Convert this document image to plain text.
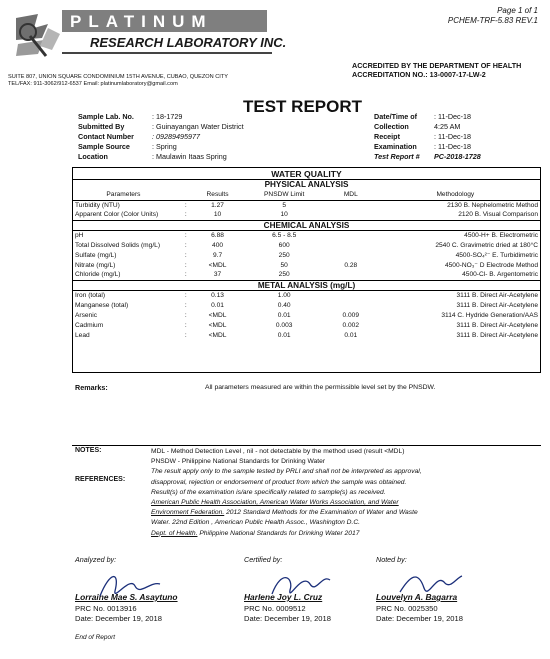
PLATINUM
RESEARCH LABORATORY INC.
SUITE 807, UNION SQUARE CONDOMINIUM 15TH AVENUE, CUBAO, QUEZON CITY
TEL/FAX: 911-3062/912-6537 Email: platinumlaboratory@gmail.com
Page 1 of 1
PCHEM-TRF-5.83 REV.1
ACCREDITED BY THE DEPARTMENT OF HEALTH
ACCREDITATION NO.: 13-0007-17-LW-2
TEST REPORT
Sample Lab. No.	: 18-1729
Submitted By	: Guinayangan Water District
Contact Number	: 09289495977
Sample Source	: Spring
Location	: Maulawin Itaas Spring
Date/Time of	: 11-Dec-18
Collection	4:25 AM
Receipt	: 11-Dec-18
Examination	: 11-Dec-18
Test Report #	PC-2018-1728
WATER QUALITY
PHYSICAL ANALYSIS
Parameters		Results	PNSDW Limit	MDL	Methodology
Turbidity (NTU)	:	1.27	5		2130 B. Nephelometric Method
Apparent Color (Color Units)	:	10	10		2120 B. Visual Comparison
CHEMICAL ANALYSIS					
pH	:	6.88	6.5 - 8.5		4500-H+ B. Electrometric
Total Dissolved Solids (mg/L)	:	400	600		2540 C. Gravimetric dried at 180°C
Sulfate (mg/L)	:	9.7	250		4500-SO₄²⁻ E. Turbidimetric
Nitrate (mg/L)	:	<MDL	50	0.28	4500-NO₃⁻ D Electrode Method
Chloride (mg/L)	:	37	250		4500-Cl- B. Argentometric
METAL ANALYSIS (mg/L)					
Iron (total)	:	0.13	1.00		3111 B. Direct Air-Acetylene
Manganese (total)	:	0.01	0.40		3111 B. Direct Air-Acetylene
Arsenic	:	<MDL	0.01	0.009	3114 C. Hydride Generation/AAS
Cadmium	:	<MDL	0.003	0.002	3111 B. Direct Air-Acetylene
Lead	:	<MDL	0.01	0.01	3111 B. Direct Air-Acetylene
Remarks:	All parameters measured are within the permissible level set by the PNSDW.
NOTES:	MDL - Method Detection Level , nil - not detectable by the method used (result <MDL)
PNSDW - Philippine National Standards for Drinking Water
The result apply only to the sample tested by PRLI and shall not be interpreted as approval,
disapproval, rejection or endorsement of product from which the sample was obtained.
Result(s) of the examination is/are specifically related to sample(s) as received.
REFERENCES:
American Public Health Association, American Water Works Association, and Water
Environment Federation. 2012 Standard Methods for the Examination of Water and Waste
Water. 22nd Edition , American Public Health Assoc., Washington D.C.
Dept. of Health. Philippine National Standards for Drinking Water 2017
Analyzed by:
Lorraine Mae S. Asaytuno
PRC No. 0013916
Date: December 19, 2018
Certified by:
Harlene Joy L. Cruz
PRC No. 0009512
Date: December 19, 2018
Noted by:
Louvelyn A. Bagarra
PRC No. 0025350
Date: December 19, 2018
End of Report
